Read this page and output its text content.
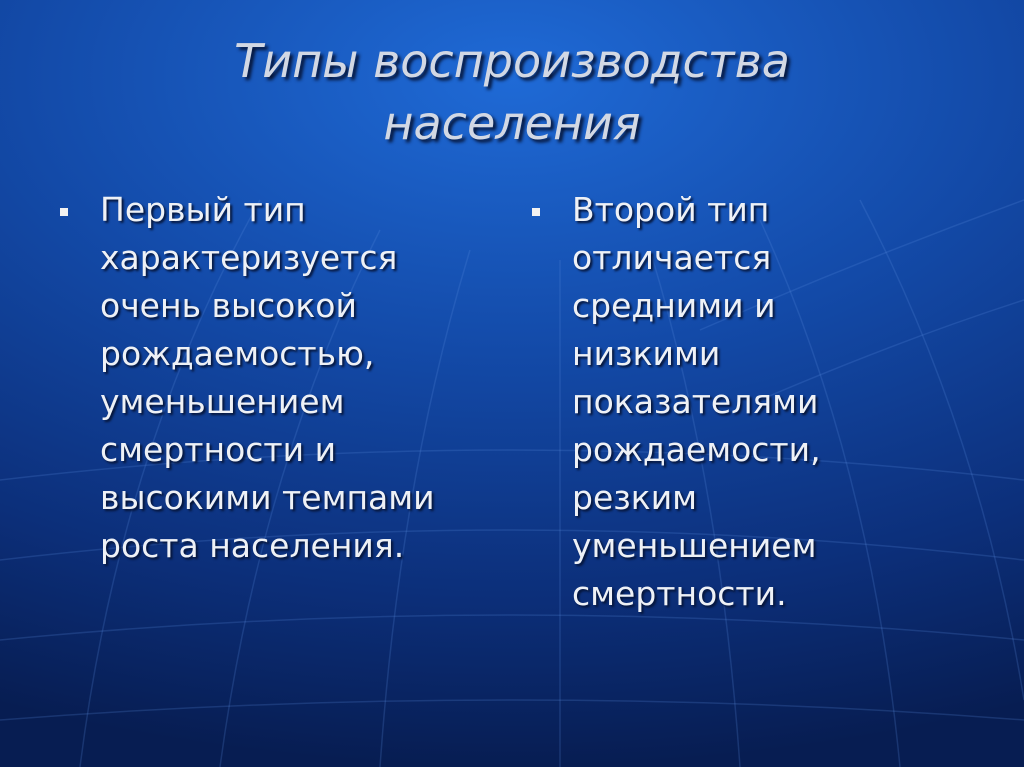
Типы воспроизводства
населения
Первый тип
характеризуется
очень высокой
рождаемостью,
уменьшением
смертности и
высокими темпами
роста населения.
Второй тип
отличается
средними и
низкими
показателями
рождаемости,
резким
уменьшением
смертности.
